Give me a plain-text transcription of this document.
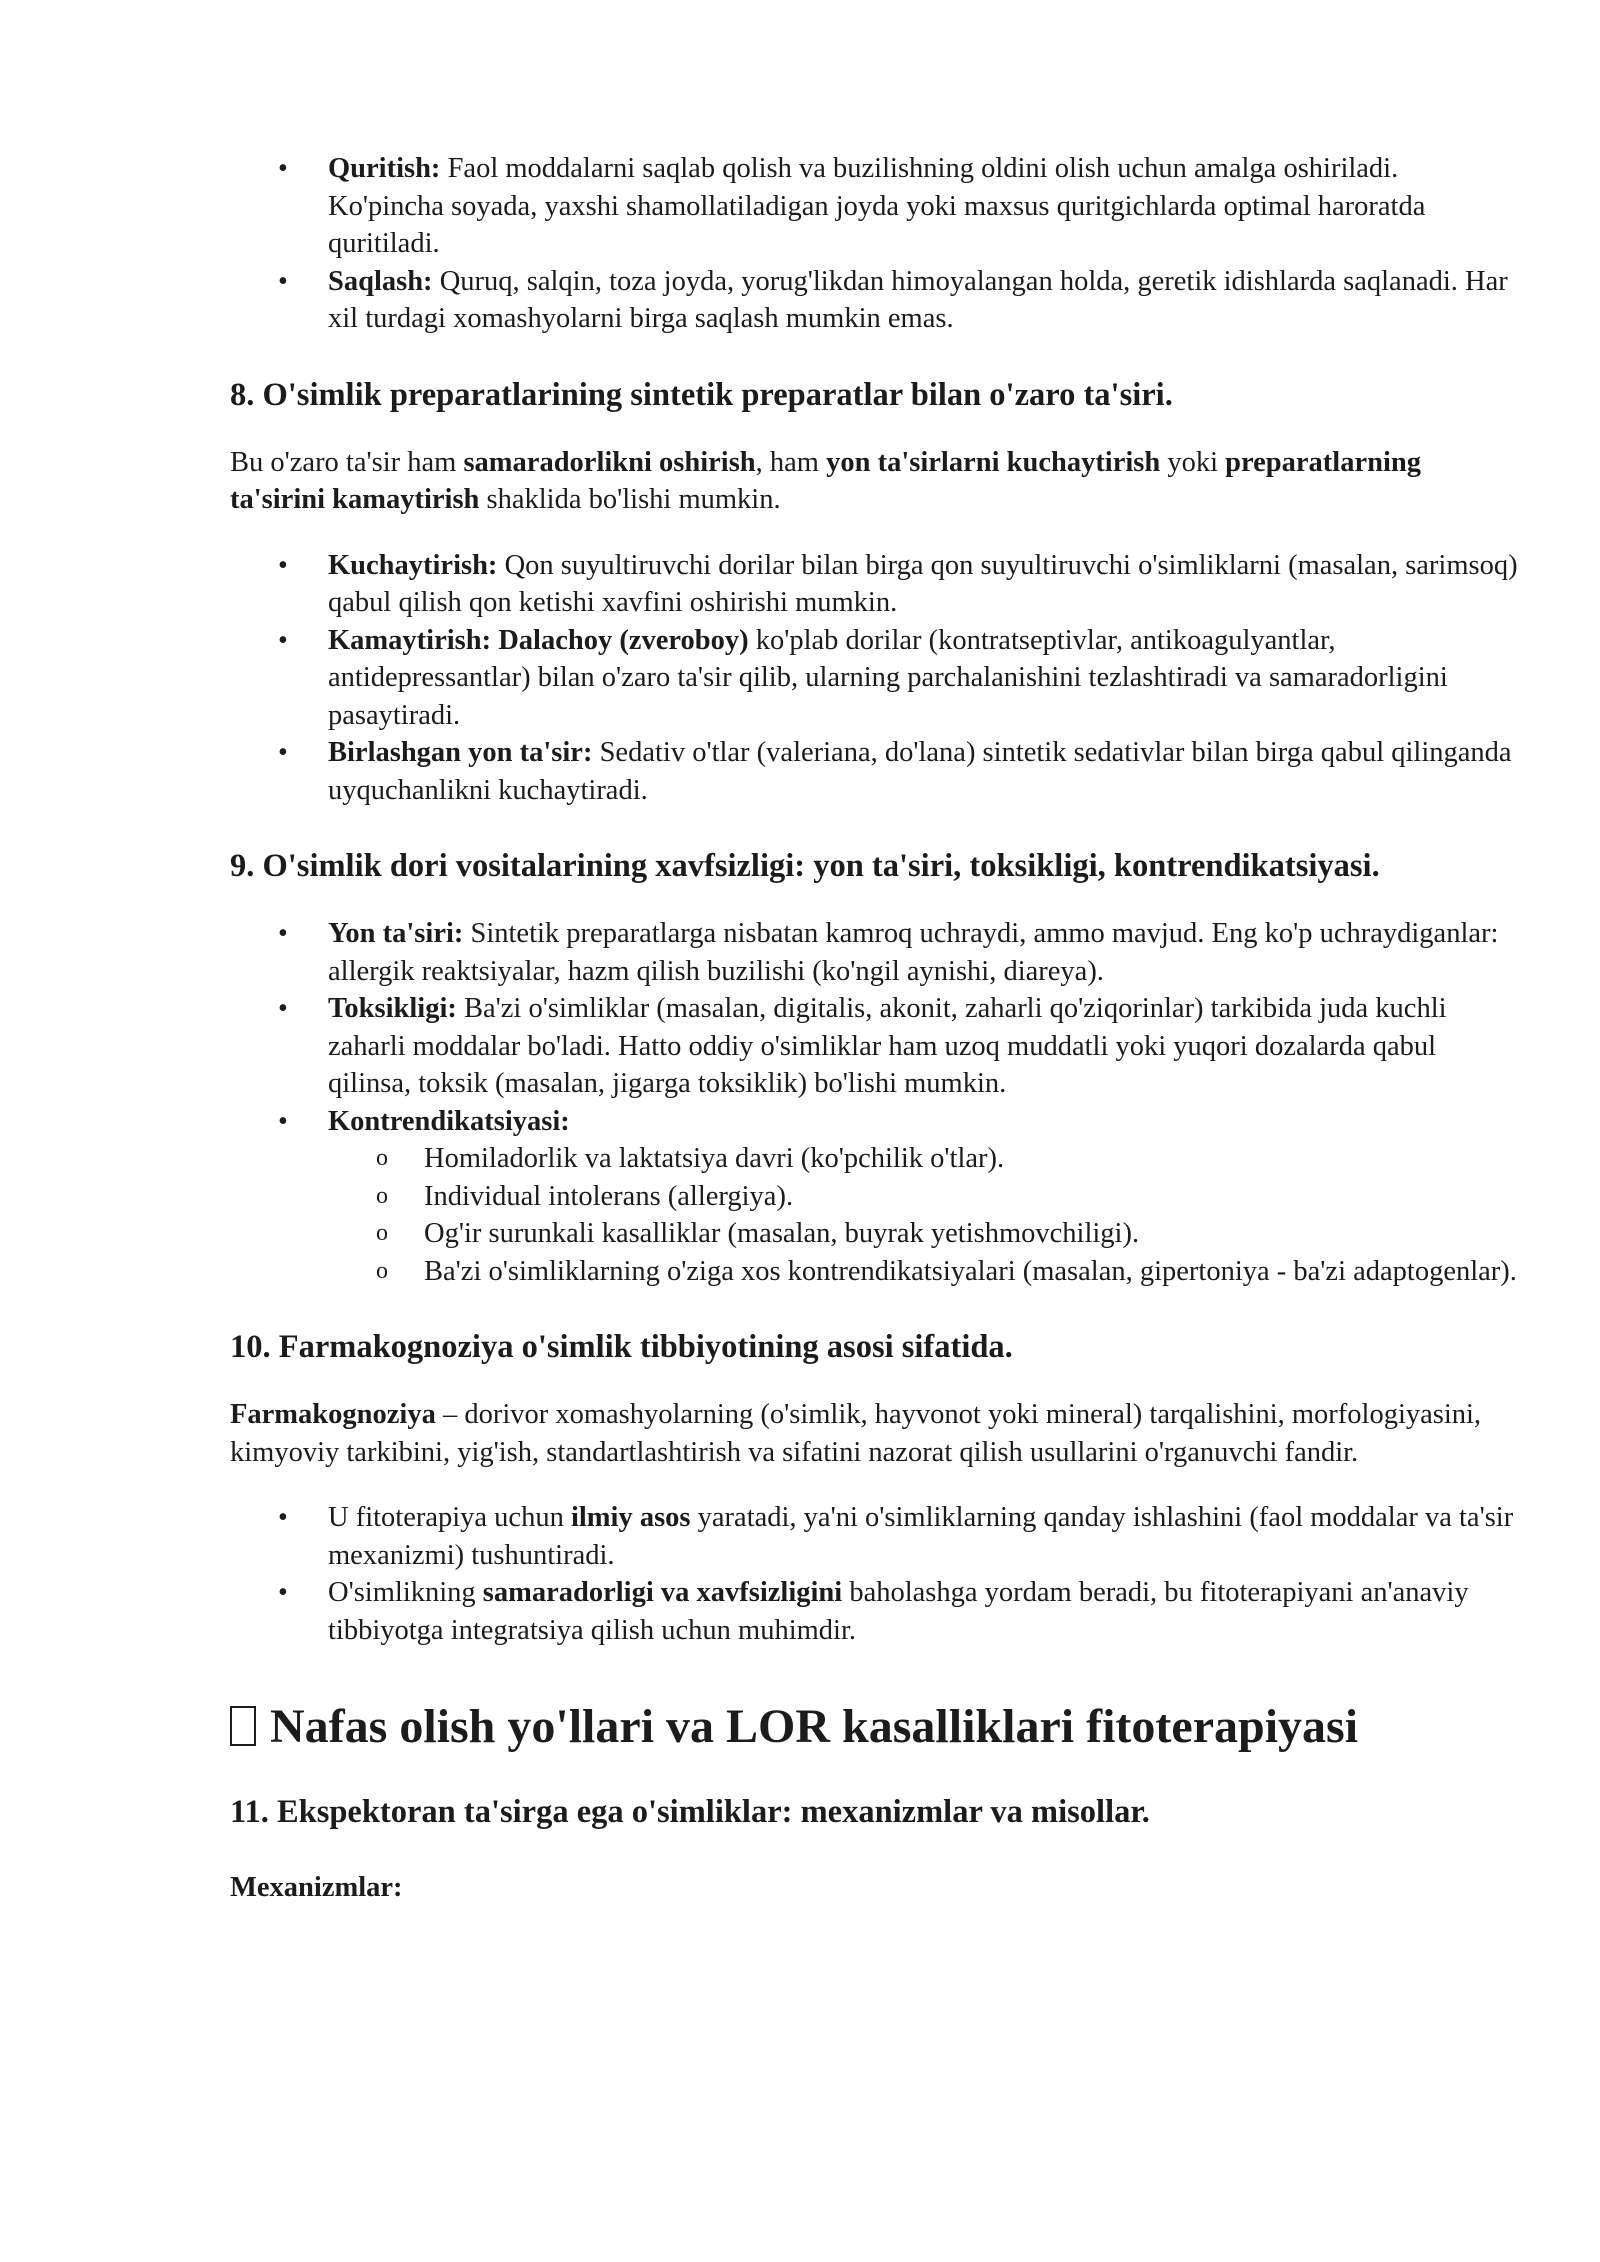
• Quritish: Faol moddalarni saqlab qolish va buzilishning oldini olish uchun amalga oshiriladi. Ko'pincha soyada, yaxshi shamollatiladigan joyda yoki maxsus quritgichlarda optimal haroratda quritiladi.
• Saqlash: Quruq, salqin, toza joyda, yorug'likdan himoyalangan holda, geretik idishlarda saqlanadi. Har xil turdagi xomashyolarni birga saqlash mumkin emas.
8. O'simlik preparatlarining sintetik preparatlar bilan o'zaro ta'siri.

Bu o'zaro ta'sir ham samaradorlikni oshirish, ham yon ta'sirlarni kuchaytirish yoki preparatlarning ta'sirini kamaytirish shaklida bo'lishi mumkin.

• Kuchaytirish: Qon suyultiruvchi dorilar bilan birga qon suyultiruvchi o'simliklarni (masalan, sarimsoq) qabul qilish qon ketishi xavfini oshirishi mumkin.
• Kamaytirish: Dalachoy (zveroboy) ko'plab dorilar (kontratseptivlar, antikoagulyantlar, antidepressantlar) bilan o'zaro ta'sir qilib, ularning parchalanishini tezlashtiradi va samaradorligini pasaytiradi.
• Birlashgan yon ta'sir: Sedativ o'tlar (valeriana, do'lana) sintetik sedativlar bilan birga qabul qilinganda uyquchanlikni kuchaytiradi.
9. O'simlik dori vositalarining xavfsizligi: yon ta'siri, toksikligi, kontrendikatsiyasi.
• Yon ta'siri: Sintetik preparatlarga nisbatan kamroq uchraydi, ammo mavjud. Eng ko'p uchraydiganlar: allergik reaktsiyalar, hazm qilish buzilishi (ko'ngil aynishi, diareya).
• Toksikligi: Ba'zi o'simliklar (masalan, digitalis, akonit, zaharli qo'ziqorinlar) tarkibida juda kuchli zaharli moddalar bo'ladi. Hatto oddiy o'simliklar ham uzoq muddatli yoki yuqori dozalarda qabul qilinsa, toksik (masalan, jigarga toksiklik) bo'lishi mumkin.
• Kontrendikatsiyasi:
o Homiladorlik va laktatsiya davri (ko'pchilik o'tlar).
o Individual intolerans (allergiya).
o Og'ir surunkali kasalliklar (masalan, buyrak yetishmovchiligi).
o Ba'zi o'simliklarning o'ziga xos kontrendikatsiyalari (masalan, gipertoniya - ba'zi adaptogenlar).
10. Farmakognoziya o'simlik tibbiyotining asosi sifatida.

Farmakognoziya – dorivor xomashyolarning (o'simlik, hayvonot yoki mineral) tarqalishini, morfologiyasini, kimyoviy tarkibini, yig'ish, standartlashtirish va sifatini nazorat qilish usullarini o'rganuvchi fandir.

• U fitoterapiya uchun ilmiy asos yaratadi, ya'ni o'simliklarning qanday ishlashini (faol moddalar va ta'sir mexanizmi) tushuntiradi.
• O'simlikning samaradorligi va xavfsizligini baholashga yordam beradi, bu fitoterapiyani an'anaviy tibbiyotga integratsiya qilish uchun muhimdir.
Nafas olish yo'llari va LOR kasalliklari fitoterapiyasi
11. Ekspektoran ta'sirga ega o'simliklar: mexanizmlar va misollar.

Mexanizmlar:
